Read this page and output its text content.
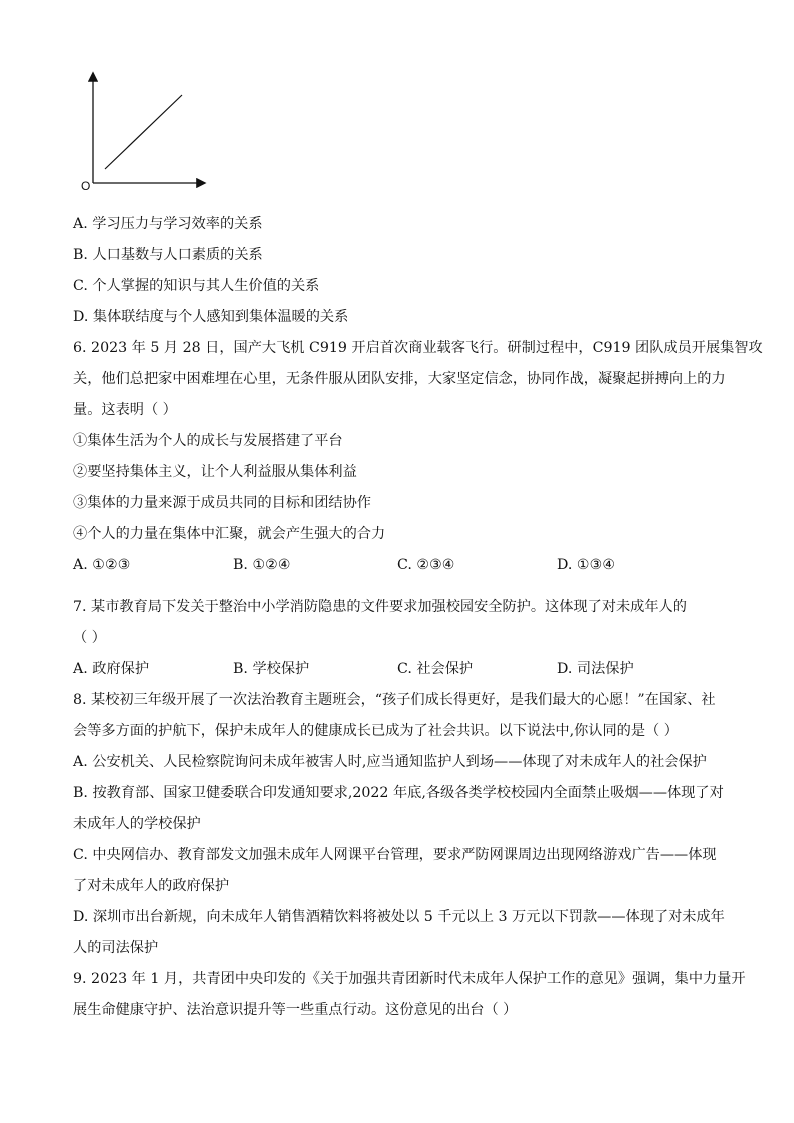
O
A. 学习压力与学习效率的关系
B. 人口基数与人口素质的关系
C. 个人掌握的知识与其人生价值的关系
D. 集体联结度与个人感知到集体温暖的关系
6. 2023 年 5 月 28 日，国产大飞机 C919 开启首次商业载客飞行。研制过程中，C919 团队成员开展集智攻
关，他们总把家中困难埋在心里，无条件服从团队安排，大家坚定信念，协同作战，凝聚起拼搏向上的力
量。这表明（ ）
①集体生活为个人的成长与发展搭建了平台
②要坚持集体主义，让个人利益服从集体利益
③集体的力量来源于成员共同的目标和团结协作
④个人的力量在集体中汇聚，就会产生强大的合力
A. ①②③	B. ①②④	C. ②③④	D. ①③④
7. 某市教育局下发关于整治中小学消防隐患的文件要求加强校园安全防护。这体现了对未成年人的
（ ）
A. 政府保护	B. 学校保护	C. 社会保护	D. 司法保护
8. 某校初三年级开展了一次法治教育主题班会，“孩子们成长得更好，是我们最大的心愿！”在国家、社
会等多方面的护航下，保护未成年人的健康成长已成为了社会共识。以下说法中,你认同的是（ ）
A. 公安机关、人民检察院询问未成年被害人时,应当通知监护人到场——体现了对未成年人的社会保护
B. 按教育部、国家卫健委联合印发通知要求,2022 年底,各级各类学校校园内全面禁止吸烟——体现了对
未成年人的学校保护
C. 中央网信办、教育部发文加强未成年人网课平台管理，要求严防网课周边出现网络游戏广告——体现
了对未成年人的政府保护
D. 深圳市出台新规，向未成年人销售酒精饮料将被处以 5 千元以上 3 万元以下罚款——体现了对未成年
人的司法保护
9. 2023 年 1 月，共青团中央印发的《关于加强共青团新时代未成年人保护工作的意见》强调，集中力量开
展生命健康守护、法治意识提升等一些重点行动。这份意见的出台（ ）
